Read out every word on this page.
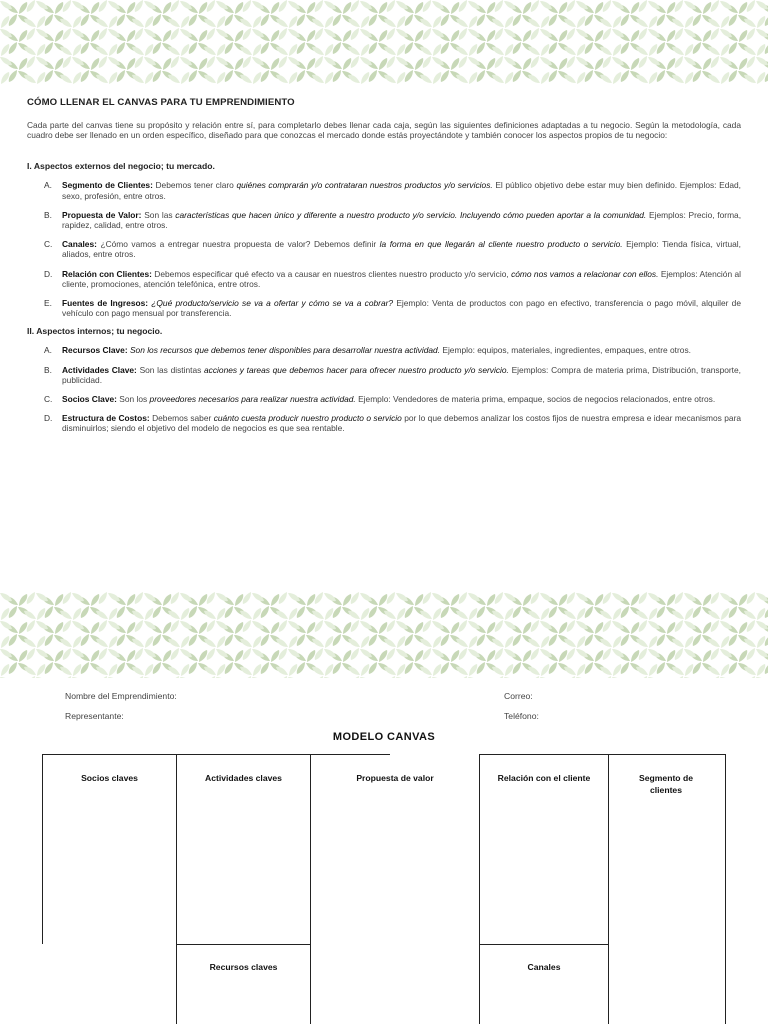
CÓMO LLENAR EL CANVAS PARA TU EMPRENDIMIENTO
Cada parte del canvas tiene su propósito y relación entre sí, para completarlo debes llenar cada caja, según las siguientes definiciones adaptadas a tu negocio. Según la metodología, cada cuadro debe ser llenado en un orden específico, diseñado para que conozcas el mercado donde estás proyectándote y también conocer los aspectos propios de tu negocio:
I. Aspectos externos del negocio; tu mercado.
A. Segmento de Clientes: Debemos tener claro quiénes comprarán y/o contrataran nuestros productos y/o servicios. El público objetivo debe estar muy bien definido. Ejemplos: Edad, sexo, profesión, entre otros.
B. Propuesta de Valor: Son las características que hacen único y diferente a nuestro producto y/o servicio. Incluyendo cómo pueden aportar a la comunidad. Ejemplos: Precio, forma, rapidez, calidad, entre otros.
C. Canales: ¿Cómo vamos a entregar nuestra propuesta de valor? Debemos definir la forma en que llegarán al cliente nuestro producto o servicio. Ejemplo: Tienda física, virtual, aliados, entre otros.
D. Relación con Clientes: Debemos especificar qué efecto va a causar en nuestros clientes nuestro producto y/o servicio, cómo nos vamos a relacionar con ellos. Ejemplos: Atención al cliente, promociones, atención telefónica, entre otros.
E. Fuentes de Ingresos: ¿Qué producto/servicio se va a ofertar y cómo se va a cobrar? Ejemplo: Venta de productos con pago en efectivo, transferencia o pago móvil, alquiler de vehículo con pago mensual por transferencia.
II. Aspectos internos; tu negocio.
A. Recursos Clave: Son los recursos que debemos tener disponibles para desarrollar nuestra actividad. Ejemplo: equipos, materiales, ingredientes, empaques, entre otros.
B. Actividades Clave: Son las distintas acciones y tareas que debemos hacer para ofrecer nuestro producto y/o servicio. Ejemplos: Compra de materia prima, Distribución, transporte, publicidad.
C. Socios Clave: Son los proveedores necesarios para realizar nuestra actividad. Ejemplo: Vendedores de materia prima, empaque, socios de negocios relacionados, entre otros.
D. Estructura de Costos: Debemos saber cuánto cuesta producir nuestro producto o servicio por lo que debemos analizar los costos fijos de nuestra empresa e idear mecanismos para disminuirlos; siendo el objetivo del modelo de negocios es que sea rentable.
Nombre del Emprendimiento:
Representante:
Correo:
Teléfono:
MODELO CANVAS
Socios claves	Actividades claves	Propuesta de valor	Relación con el cliente	Segmento de clientes
Recursos claves	Canales
